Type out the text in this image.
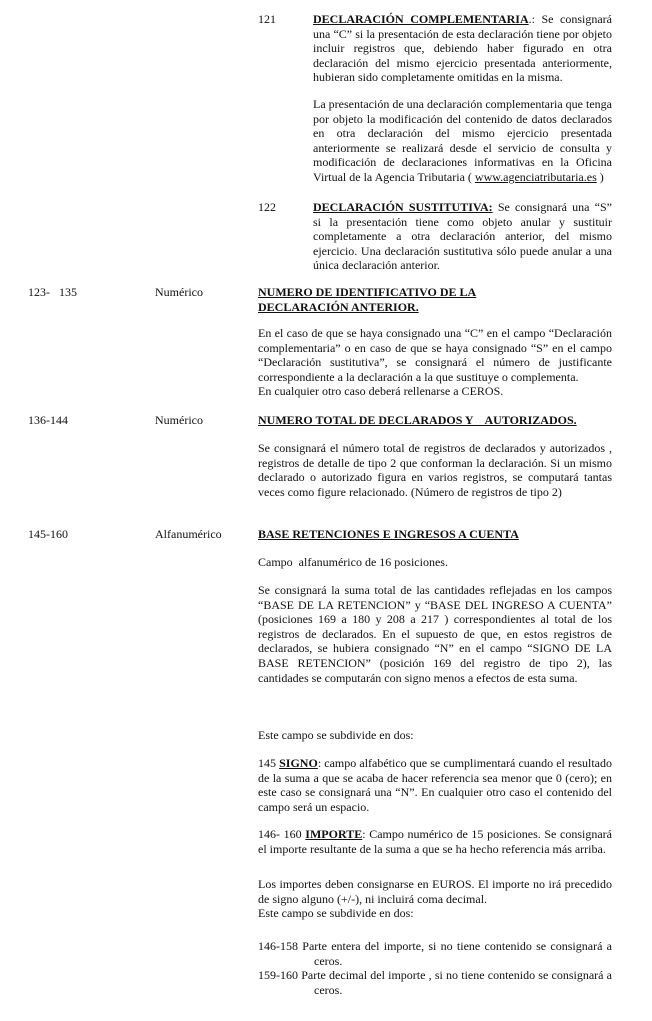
121	DECLARACIÓN COMPLEMENTARIA.: Se consignará una “C” si la presentación de esta declaración tiene por objeto incluir registros que, debiendo haber figurado en otra declaración del mismo ejercicio presentada anteriormente, hubieran sido completamente omitidas en la misma.
La presentación de una declaración complementaria que tenga por objeto la modificación del contenido de datos declarados en otra declaración del mismo ejercicio presentada anteriormente se realizará desde el servicio de consulta y modificación de declaraciones informativas en la Oficina Virtual de la Agencia Tributaria ( www.agenciatributaria.es )
122	DECLARACIÓN SUSTITUTIVA: Se consignará una “S” si la presentación tiene como objeto anular y sustituir completamente a otra declaración anterior, del mismo ejercicio. Una declaración sustitutiva sólo puede anular a una única declaración anterior.
123-   135	Numérico	NUMERO DE IDENTIFICATIVO DE LA
DECLARACIÓN ANTERIOR.
En el caso de que se haya consignado una “C” en el campo “Declaración complementaria” o en caso de que se haya consignado “S” en el campo “Declaración sustitutiva”, se consignará el número de justificante correspondiente a la declaración a la que sustituye o complementa.
En cualquier otro caso deberá rellenarse a CEROS.
136-144	Numérico	NUMERO TOTAL DE DECLARADOS Y    AUTORIZADOS.
Se consignará el número total de registros de declarados y autorizados , registros de detalle de tipo 2 que conforman la declaración. Si un mismo declarado o autorizado figura en varios registros, se computará tantas veces como figure relacionado. (Número de registros de tipo 2)
145-160	Alfanumérico	BASE RETENCIONES E INGRESOS A CUENTA
Campo  alfanumérico de 16 posiciones.
Se consignará la suma total de las cantidades reflejadas en los campos “BASE DE LA RETENCION” y “BASE DEL INGRESO A CUENTA” (posiciones 169 a 180 y 208 a 217 ) correspondientes al total de los registros de declarados. En el supuesto de que, en estos registros de declarados, se hubiera consignado “N” en el campo “SIGNO DE LA BASE RETENCION” (posición 169 del registro de tipo 2), las cantidades se computarán con signo menos a efectos de esta suma.
Este campo se subdivide en dos:
145 SIGNO: campo alfabético que se cumplimentará cuando el resultado de la suma a que se acaba de hacer referencia sea menor que 0 (cero); en este caso se consignará una “N”. En cualquier otro caso el contenido del campo será un espacio.
146- 160 IMPORTE: Campo numérico de 15 posiciones. Se consignará el importe resultante de la suma a que se ha hecho referencia más arriba.
Los importes deben consignarse en EUROS. El importe no irá precedido de signo alguno (+/-), ni incluirá coma decimal.
Este campo se subdivide en dos:
146-158 Parte entera del importe, si no tiene contenido se consignará a ceros.
159-160 Parte decimal del importe , si no tiene contenido se consignará a ceros.
